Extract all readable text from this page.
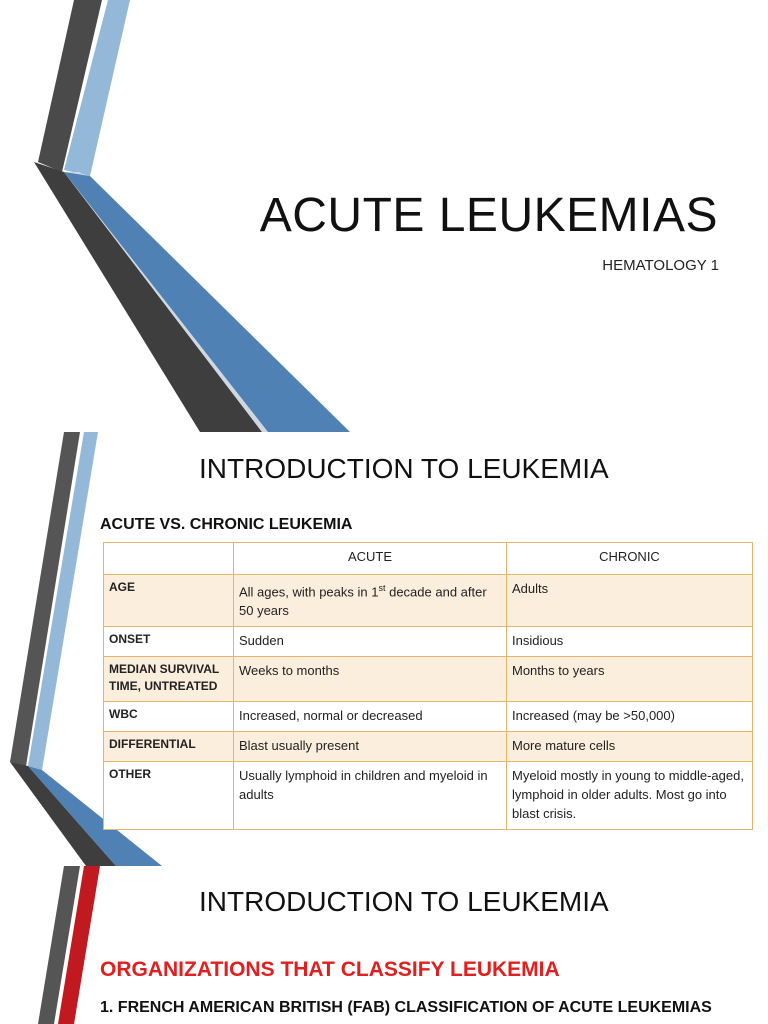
ACUTE LEUKEMIAS
HEMATOLOGY 1
INTRODUCTION TO LEUKEMIA
ACUTE VS. CHRONIC LEUKEMIA
	ACUTE	CHRONIC
AGE	All ages, with peaks in 1st decade and after 50 years	Adults
ONSET	Sudden	Insidious
MEDIAN SURVIVAL TIME, UNTREATED	Weeks to months	Months to years
WBC	Increased, normal or decreased	Increased (may be >50,000)
DIFFERENTIAL	Blast usually present	More mature cells
OTHER	Usually lymphoid in children and myeloid in adults	Myeloid mostly in young to middle-aged, lymphoid in older adults. Most go into blast crisis.
INTRODUCTION TO LEUKEMIA
ORGANIZATIONS THAT CLASSIFY LEUKEMIA
1. FRENCH AMERICAN BRITISH (FAB) CLASSIFICATION OF ACUTE LEUKEMIAS
